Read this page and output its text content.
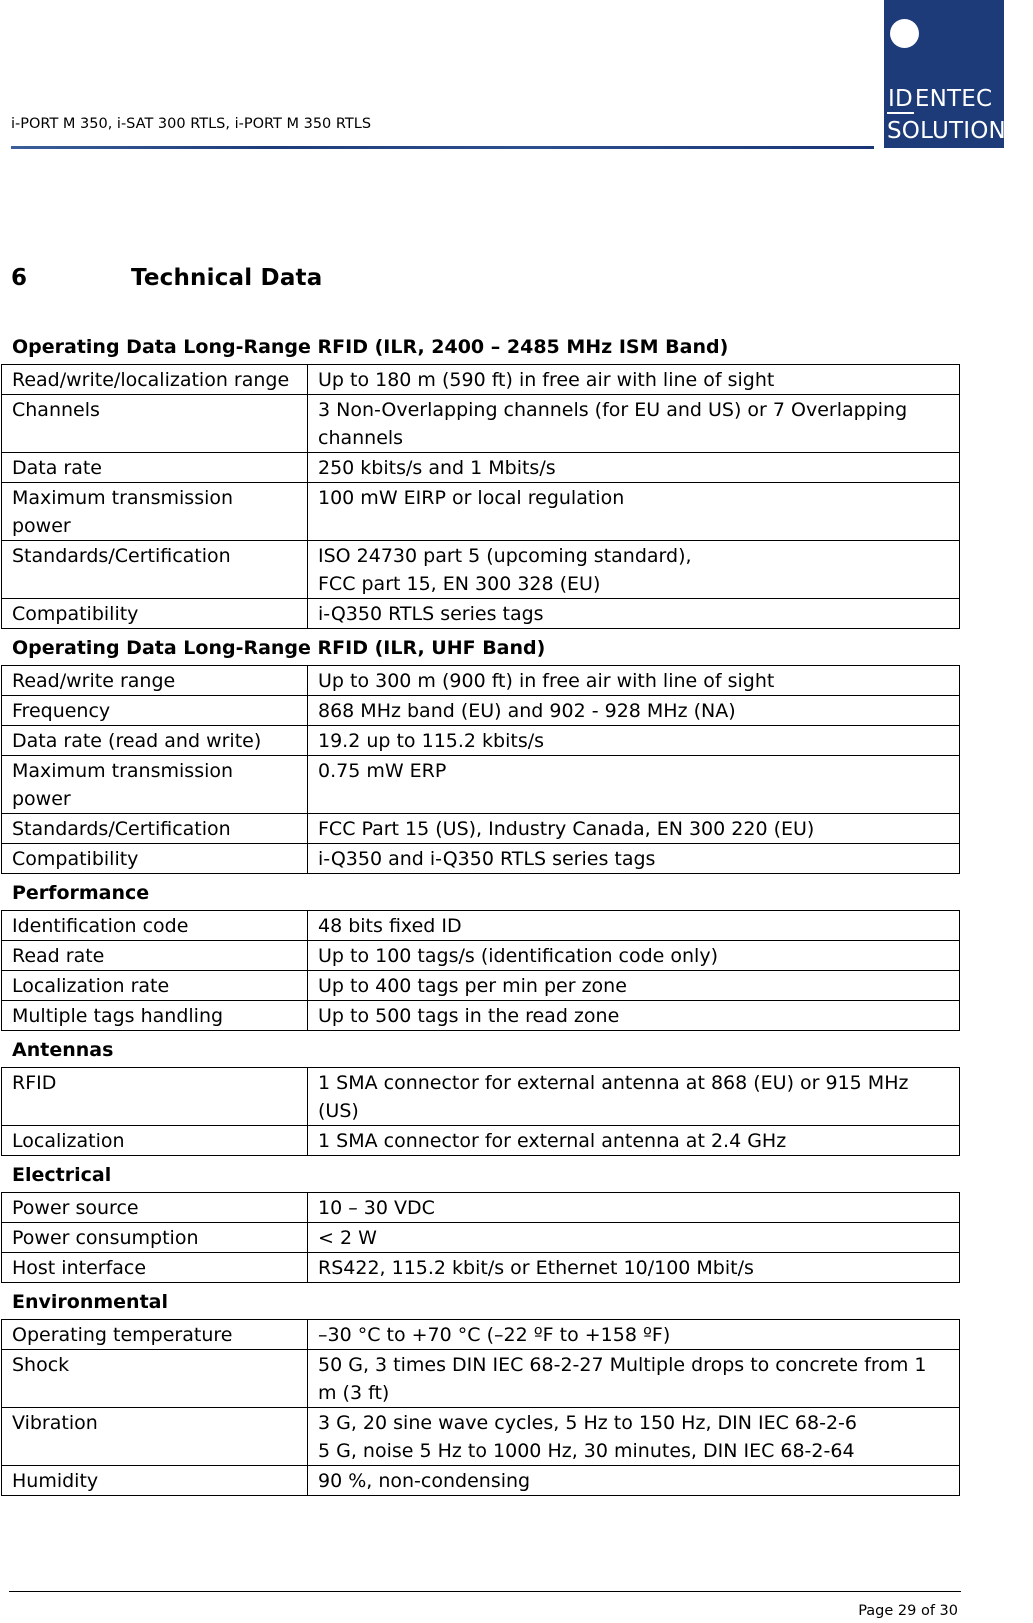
i-PORT M 350, i-SAT 300 RTLS, i-PORT M 350 RTLS
IDENTEC
SOLUTIONS
6	Technical Data
Operating Data Long-Range RFID (ILR, 2400 – 2485 MHz ISM Band)
Read/write/localization range	Up to 180 m (590 ft) in free air with line of sight
Channels	3 Non-Overlapping channels (for EU and US) or 7 Overlapping channels
Data rate	250 kbits/s and 1 Mbits/s
Maximum transmission power	100 mW EIRP or local regulation
Standards/Certification	ISO 24730 part 5 (upcoming standard),
FCC part 15, EN 300 328 (EU)
Compatibility	i-Q350 RTLS series tags
Operating Data Long-Range RFID (ILR, UHF Band)
Read/write range	Up to 300 m (900 ft) in free air with line of sight
Frequency	868 MHz band (EU) and 902 - 928 MHz (NA)
Data rate (read and write)	19.2 up to 115.2 kbits/s
Maximum transmission power	0.75 mW ERP
Standards/Certification	FCC Part 15 (US), Industry Canada, EN 300 220 (EU)
Compatibility	i-Q350 and i-Q350 RTLS series tags
Performance
Identification code	48 bits fixed ID
Read rate	Up to 100 tags/s (identification code only)
Localization rate	Up to 400 tags per min per zone
Multiple tags handling	Up to 500 tags in the read zone
Antennas
RFID	1 SMA connector for external antenna at 868 (EU) or 915 MHz (US)
Localization	1 SMA connector for external antenna at 2.4 GHz
Electrical
Power source	10 – 30 VDC
Power consumption	< 2 W
Host interface	RS422, 115.2 kbit/s or Ethernet 10/100 Mbit/s
Environmental
Operating temperature	–30 °C to +70 °C (–22 ºF to +158 ºF)
Shock	50 G, 3 times DIN IEC 68-2-27 Multiple drops to concrete from 1 m (3 ft)
Vibration	3 G, 20 sine wave cycles, 5 Hz to 150 Hz, DIN IEC 68-2-6
5 G, noise 5 Hz to 1000 Hz, 30 minutes, DIN IEC 68-2-64
Humidity	90 %, non-condensing
Page 29 of 30
